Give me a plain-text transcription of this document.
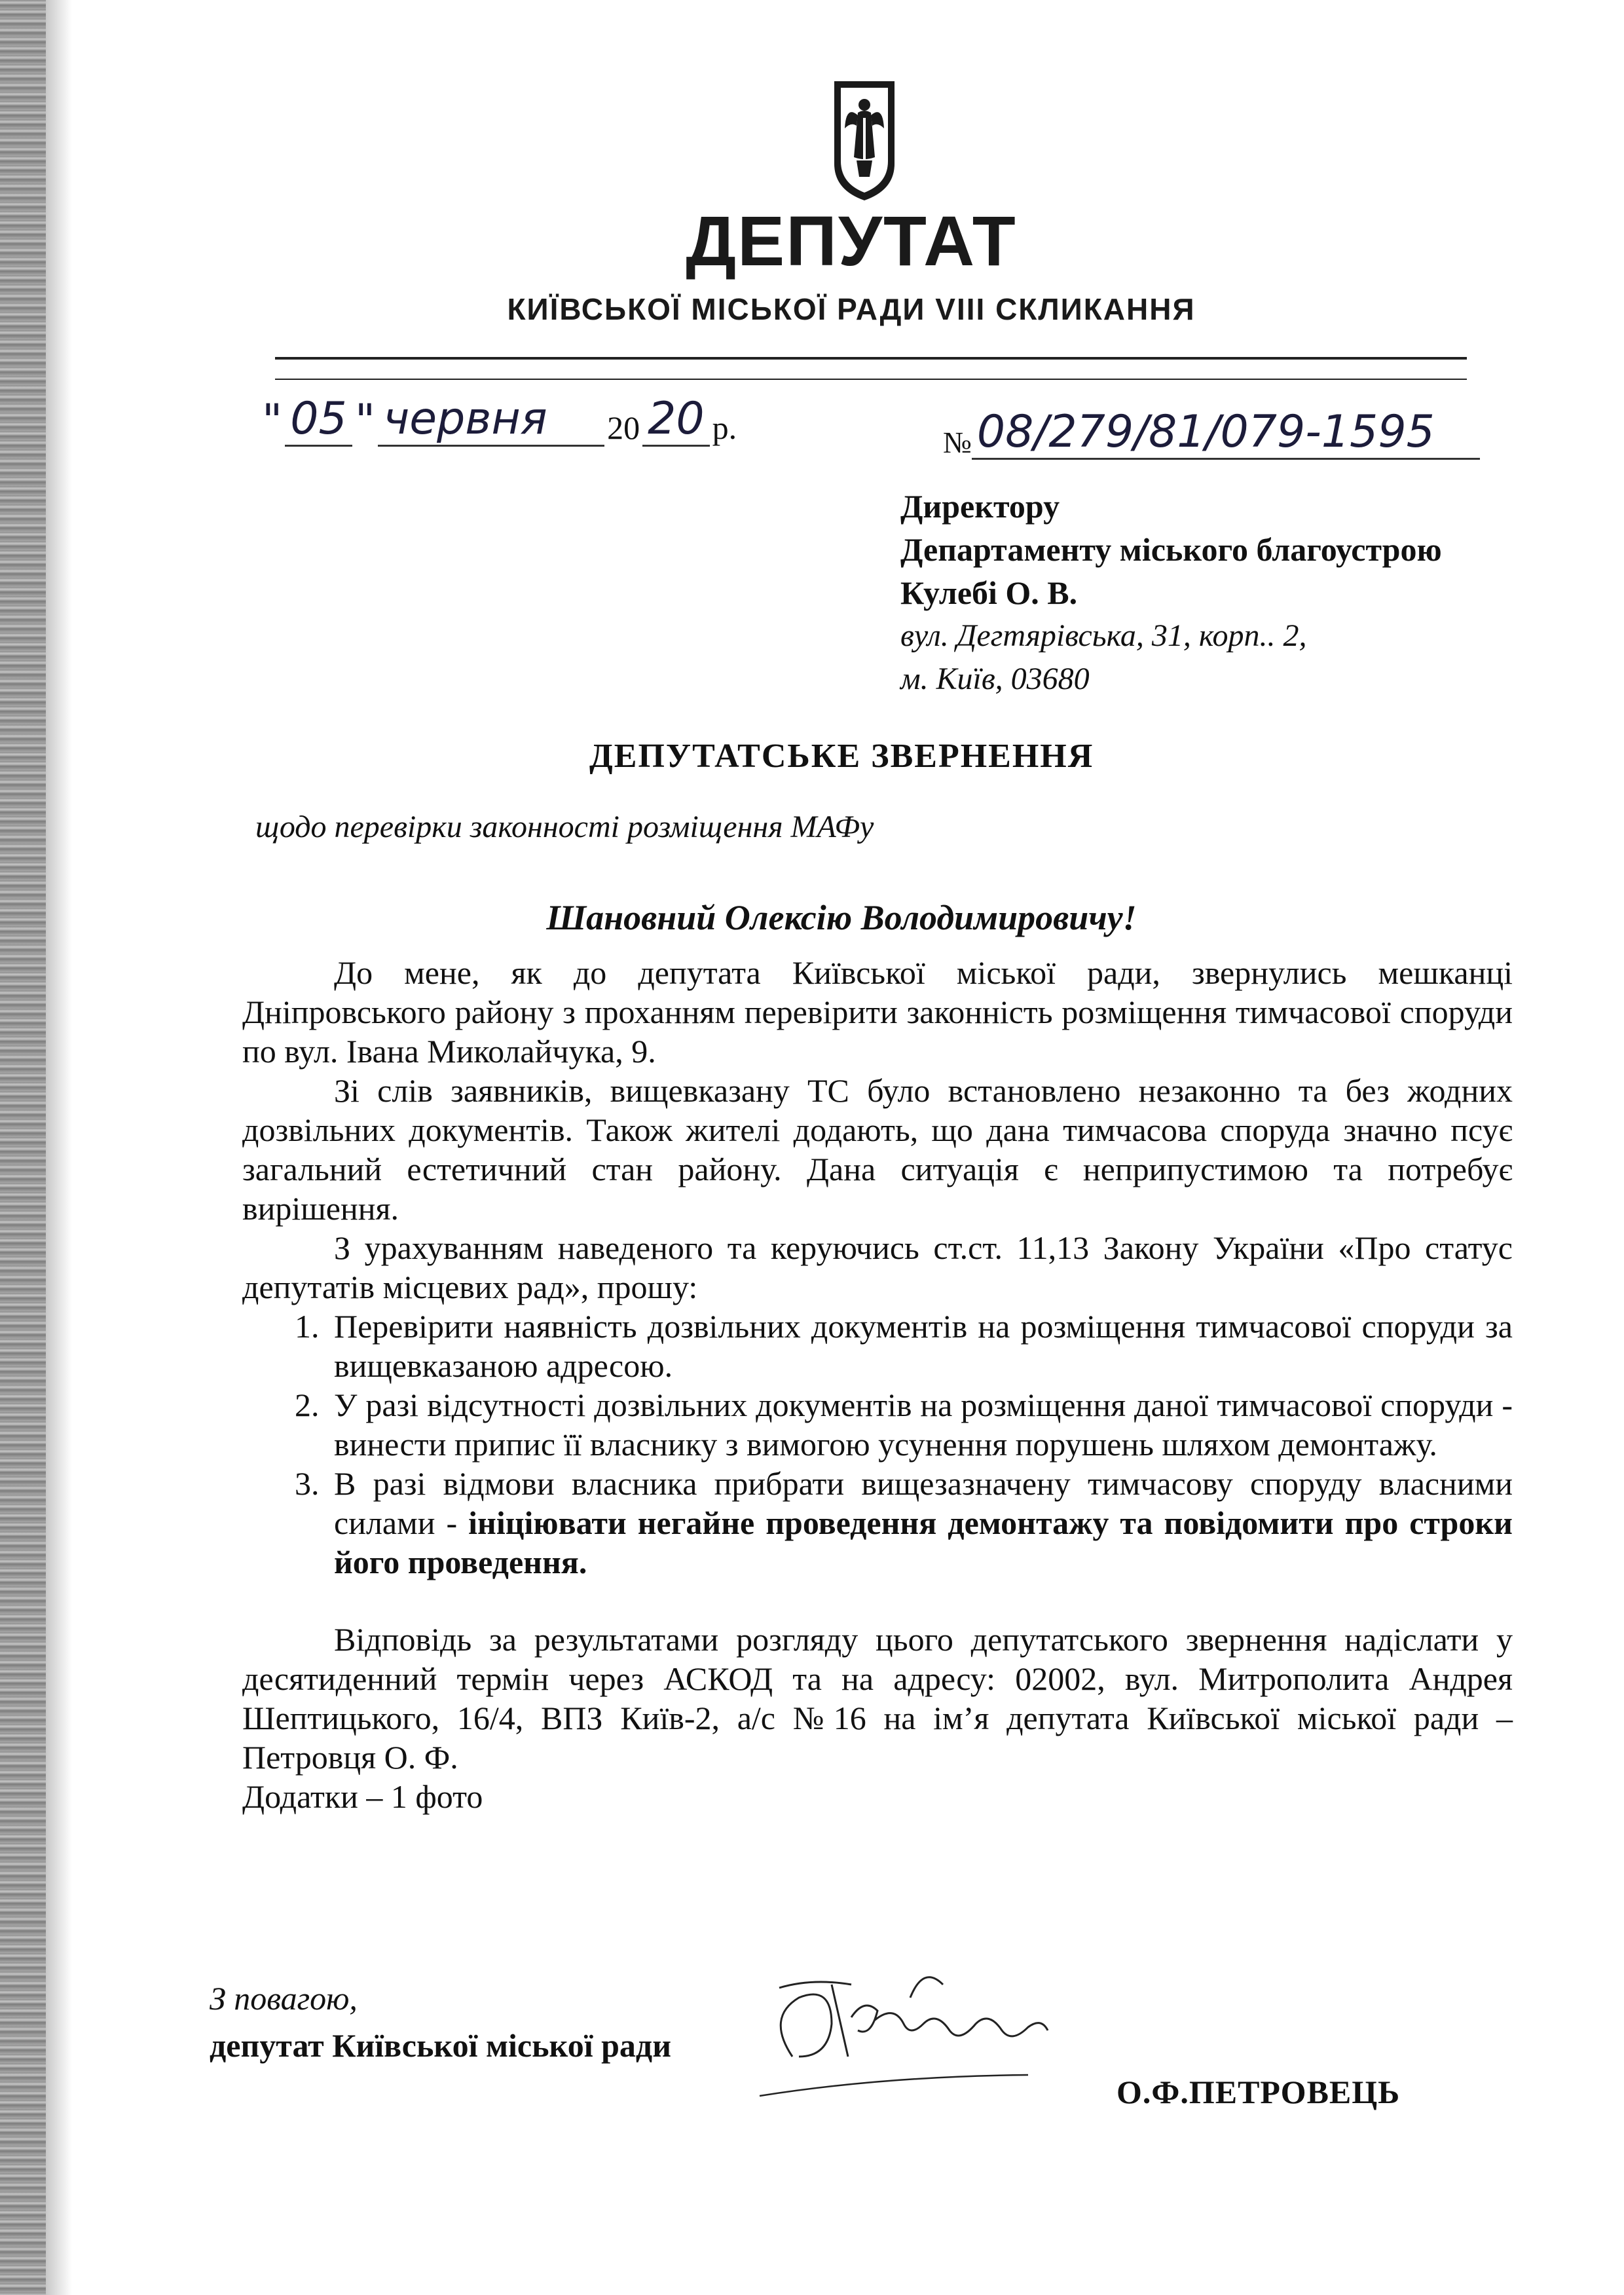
ДЕПУТАТ
КИЇВСЬКОЇ МІСЬКОЇ РАДИ VIII СКЛИКАННЯ
" 05 " червня	20 20 р.	№ 08/279/81/079-1595
Директору
Департаменту міського благоустрою
Кулебі О. В.
вул. Дегтярівська, 31, корп.. 2,
м. Київ, 03680
ДЕПУТАТСЬКЕ ЗВЕРНЕННЯ
щодо перевірки законності розміщення МАФу
Шановний Олексію Володимировичу!

До мене, як до депутата Київської міської ради, звернулись мешканці Дніпровського району з проханням перевірити законність розміщення тимчасової споруди по вул. Івана Миколайчука, 9.

Зі слів заявників, вищевказану ТС було встановлено незаконно та без жодних дозвільних документів. Також жителі додають, що дана тимчасова споруда значно псує загальний естетичний стан району. Дана ситуація є неприпустимою та потребує вирішення.

З урахуванням наведеного та керуючись ст.ст. 11,13 Закону України «Про статус депутатів місцевих рад», прошу:

1. Перевірити наявність дозвільних документів на розміщення тимчасової споруди за вищевказаною адресою.
2. У разі відсутності дозвільних документів на розміщення даної тимчасової споруди - винести припис її власнику з вимогою усунення порушень шляхом демонтажу.
3. В разі відмови власника прибрати вищезазначену тимчасову споруду власними силами - ініціювати негайне проведення демонтажу та повідомити про строки його проведення.

Відповідь за результатами розгляду цього депутатського звернення надіслати у десятиденний термін через АСКОД та на адресу: 02002, вул. Митрополита Андрея Шептицького, 16/4, ВПЗ Київ-2, а/с №16 на ім’я депутата Київської міської ради – Петровця О. Ф.

Додатки – 1 фото

З повагою,
депутат Київської міської ради
О.Ф.ПЕТРОВЕЦЬ
